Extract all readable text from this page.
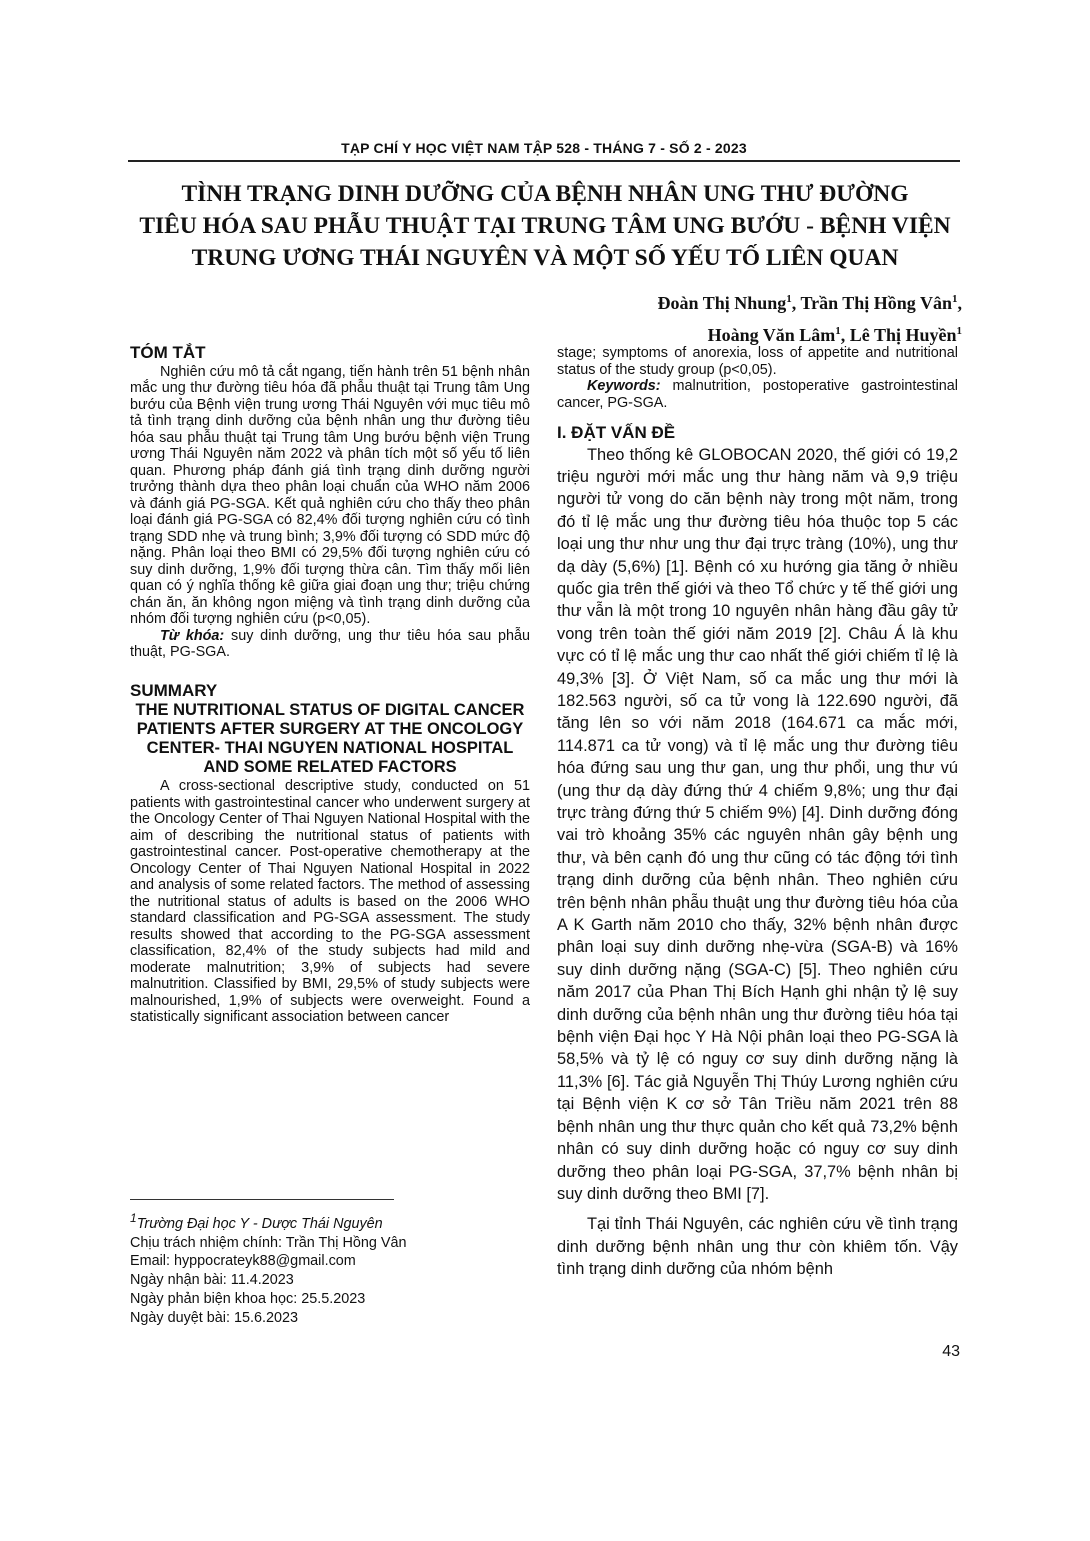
TẠP CHÍ Y HỌC VIỆT NAM TẬP 528 - THÁNG 7 - SỐ 2 - 2023
TÌNH TRẠNG DINH DƯỠNG CỦA BỆNH NHÂN UNG THƯ ĐƯỜNG
TIÊU HÓA SAU PHẪU THUẬT TẠI TRUNG TÂM UNG BƯỚU - BỆNH VIỆN
TRUNG ƯƠNG THÁI NGUYÊN VÀ MỘT SỐ YẾU TỐ LIÊN QUAN
Đoàn Thị Nhung$^1$, Trần Thị Hồng Vân$^1$,
Hoàng Văn Lâm$^1$, Lê Thị Huyền$^1$
TÓM TẮT

Nghiên cứu mô tả cắt ngang, tiến hành trên 51 bệnh nhân mắc ung thư đường tiêu hóa đã phẫu thuật tại Trung tâm Ung bướu của Bệnh viện trung ương Thái Nguyên với mục tiêu mô tả tình trạng dinh dưỡng của bệnh nhân ung thư đường tiêu hóa sau phẫu thuật tại Trung tâm Ung bướu bệnh viện Trung ương Thái Nguyên năm 2022 và phân tích một số yếu tố liên quan. Phương pháp đánh giá tình trạng dinh dưỡng người trưởng thành dựa theo phân loại chuẩn của WHO năm 2006 và đánh giá PG-SGA. Kết quả nghiên cứu cho thấy theo phân loại đánh giá PG-SGA có 82,4% đối tượng nghiên cứu có tình trạng SDD nhẹ và trung bình; 3,9% đối tượng có SDD mức độ nặng. Phân loại theo BMI có 29,5% đối tượng nghiên cứu có suy dinh dưỡng, 1,9% đối tượng thừa cân. Tìm thấy mối liên quan có ý nghĩa thống kê giữa giai đoạn ung thư; triệu chứng chán ăn, ăn không ngon miệng và tình trạng dinh dưỡng của nhóm đối tượng nghiên cứu (p<0,05).

Từ khóa: suy dinh dưỡng, ung thư tiêu hóa sau phẫu thuật, PG-SGA.

SUMMARY
THE NUTRITIONAL STATUS OF DIGITAL CANCER PATIENTS AFTER SURGERY AT THE ONCOLOGY CENTER- THAI NGUYEN NATIONAL HOSPITAL AND SOME RELATED FACTORS

A cross-sectional descriptive study, conducted on 51 patients with gastrointestinal cancer who underwent surgery at the Oncology Center of Thai Nguyen National Hospital with the aim of describing the nutritional status of patients with gastrointestinal cancer. Post-operative chemotherapy at the Oncology Center of Thai Nguyen National Hospital in 2022 and analysis of some related factors. The method of assessing the nutritional status of adults is based on the 2006 WHO standard classification and PG-SGA assessment. The study results showed that according to the PG-SGA assessment classification, 82,4% of the study subjects had mild and moderate malnutrition; 3,9% of subjects had severe malnutrition. Classified by BMI, 29,5% of study subjects were malnourished, 1,9% of subjects were overweight. Found a statistically significant association between cancer

stage; symptoms of anorexia, loss of appetite and nutritional status of the study group (p<0,05).

Keywords: malnutrition, postoperative gastrointestinal cancer, PG-SGA.

I. ĐẶT VẤN ĐỀ

Theo thống kê GLOBOCAN 2020, thế giới có 19,2 triệu người mới mắc ung thư hàng năm và 9,9 triệu người tử vong do căn bệnh này trong một năm, trong đó tỉ lệ mắc ung thư đường tiêu hóa thuộc top 5 các loại ung thư như ung thư đại trực tràng (10%), ung thư dạ dày (5,6%) [1]. Bệnh có xu hướng gia tăng ở nhiều quốc gia trên thế giới và theo Tổ chức y tế thế giới ung thư vẫn là một trong 10 nguyên nhân hàng đầu gây tử vong trên toàn thế giới năm 2019 [2]. Châu Á là khu vực có tỉ lệ mắc ung thư cao nhất thế giới chiếm tỉ lệ là 49,3% [3]. Ở Việt Nam, số ca mắc ung thư mới là 182.563 người, số ca tử vong là 122.690 người, đã tăng lên so với năm 2018 (164.671 ca mắc mới, 114.871 ca tử vong) và tỉ lệ mắc ung thư đường tiêu hóa đứng sau ung thư gan, ung thư phổi, ung thư vú (ung thư dạ dày đứng thứ 4 chiếm 9,8%; ung thư đại trực tràng đứng thứ 5 chiếm 9%) [4]. Dinh dưỡng đóng vai trò khoảng 35% các nguyên nhân gây bệnh ung thư, và bên cạnh đó ung thư cũng có tác động tới tình trạng dinh dưỡng của bệnh nhân. Theo nghiên cứu trên bệnh nhân phẫu thuật ung thư đường tiêu hóa của A K Garth năm 2010 cho thấy, 32% bệnh nhân được phân loại suy dinh dưỡng nhẹ-vừa (SGA-B) và 16% suy dinh dưỡng nặng (SGA-C) [5]. Theo nghiên cứu năm 2017 của Phan Thị Bích Hạnh ghi nhận tỷ lệ suy dinh dưỡng của bệnh nhân ung thư đường tiêu hóa tại bệnh viện Đại học Y Hà Nội phân loại theo PG-SGA là 58,5% và tỷ lệ có nguy cơ suy dinh dưỡng nặng là 11,3% [6]. Tác giả Nguyễn Thị Thúy Lương nghiên cứu tại Bệnh viện K cơ sở Tân Triều năm 2021 trên 88 bệnh nhân ung thư thực quản cho kết quả 73,2% bệnh nhân có suy dinh dưỡng hoặc có nguy cơ suy dinh dưỡng theo phân loại PG-SGA, 37,7% bệnh nhân bị suy dinh dưỡng theo BMI [7].

Tại tỉnh Thái Nguyên, các nghiên cứu về tình trạng dinh dưỡng bệnh nhân ung thư còn khiêm tốn. Vậy tình trạng dinh dưỡng của nhóm bệnh

$^1$Trường Đại học Y - Dược Thái Nguyên
Chịu trách nhiệm chính: Trần Thị Hồng Vân
Email: hyppocrateyk88@gmail.com
Ngày nhận bài: 11.4.2023
Ngày phản biện khoa học: 25.5.2023
Ngày duyệt bài: 15.6.2023
43
